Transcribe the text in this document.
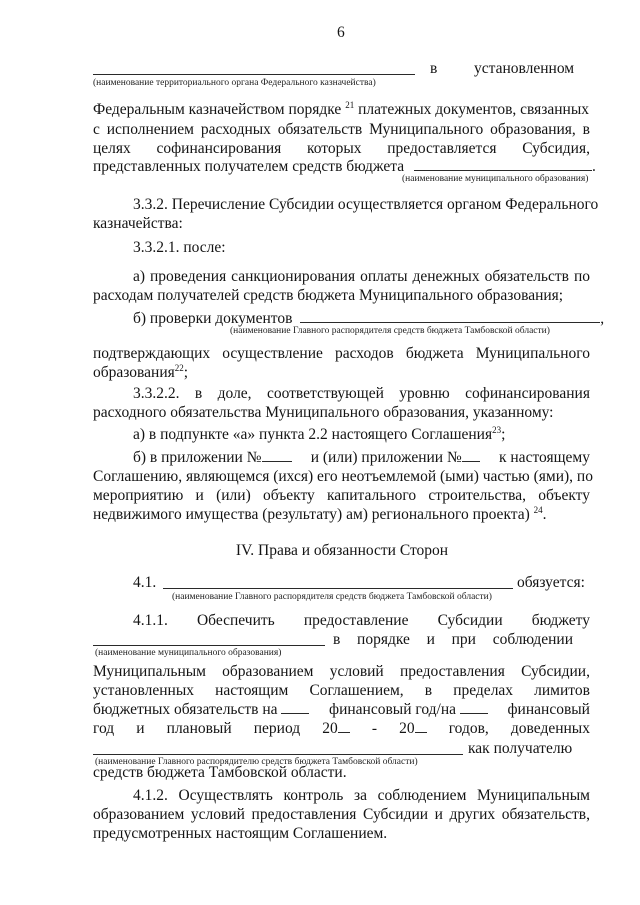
6
в установленном
(наименование территориального органа Федерального казначейства)
Федеральным казначейством порядке $^{21}$ платежных документов, связанных
с исполнением расходных обязательств Муниципального образования, в
целях софинансирования которых предоставляется Субсидия,
представленных получателем средств бюджета	.
(наименование муниципального образования)
3.3.2. Перечисление Субсидии осуществляется органом Федерального
казначейства:
3.3.2.1. после:
а) проведения санкционирования оплаты денежных обязательств по
расходам получателей средств бюджета Муниципального образования;
б) проверки документов	,
(наименование Главного распорядителя средств бюджета Тамбовской области)
подтверждающих осуществление расходов бюджета Муниципального
образования$^{22}$;
3.3.2.2. в доле, соответствующей уровню софинансирования
расходного обязательства Муниципального образования, указанному:
а) в подпункте «а» пункта 2.2 настоящего Соглашения$^{23}$;
б) в приложении №	и (или) приложении №	к настоящему
Соглашению, являющемся (ихся) его неотъемлемой (ыми) частью (ями), по
мероприятию и (или) объекту капитального строительства, объекту
недвижимого имущества (результату) ам) регионального проекта) $^{24}$.
IV. Права и обязанности Сторон
4.1.	обязуется:
(наименование Главного распорядителя средств бюджета Тамбовской области)
4.1.1. Обеспечить предоставление Субсидии бюджету
в порядке и при соблюдении
(наименование муниципального образования)
Муниципальным образованием условий предоставления Субсидии,
установленных настоящим Соглашением, в пределах лимитов
бюджетных обязательств на	финансовый год/на	финансовый
год и плановый период 20	- 20	годов, доведенных
как получателю
(наименование Главного распорядителю средств бюджета Тамбовской области)
средств бюджета Тамбовской области.
4.1.2. Осуществлять контроль за соблюдением Муниципальным
образованием условий предоставления Субсидии и других обязательств,
предусмотренных настоящим Соглашением.
